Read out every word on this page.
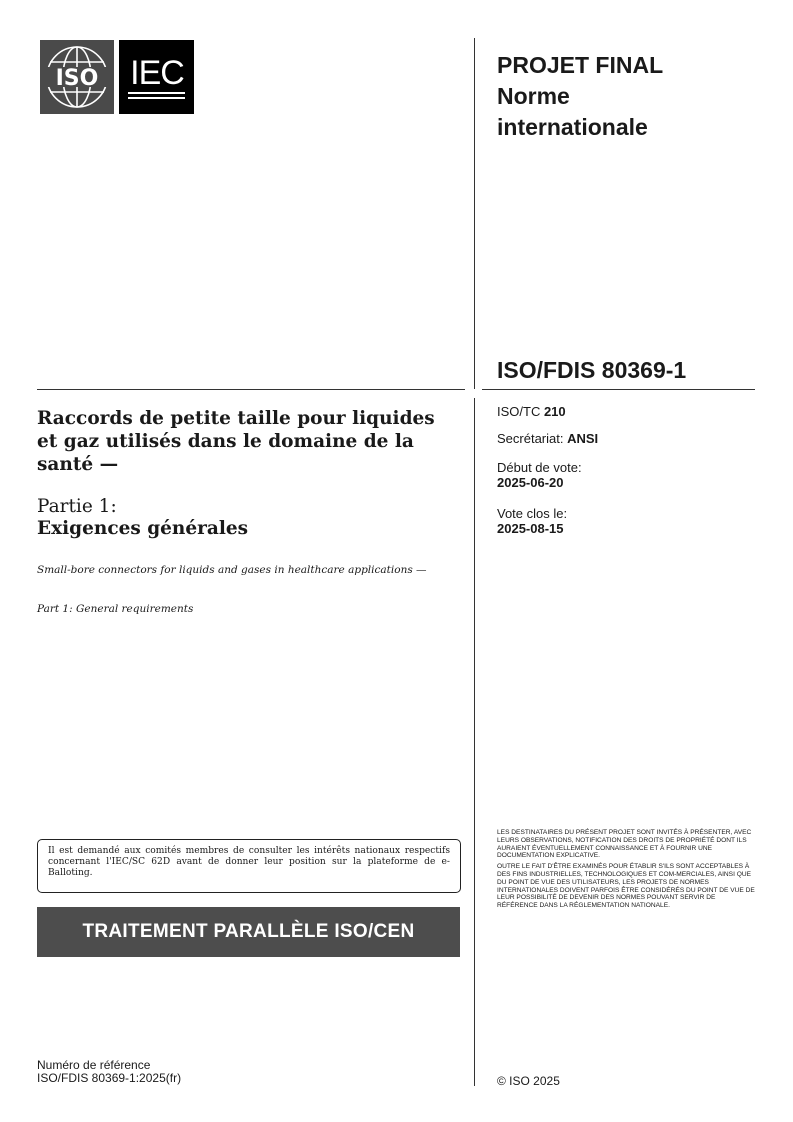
ISO IEC	PROJET FINAL
Norme
internationale
ISO/FDIS 80369-1
ISO/TC 210
Secrétariat: ANSI
Début de vote:
2025-06-20
Vote clos le:
2025-08-15
Raccords de petite taille pour liquides et gaz utilisés dans le domaine de la santé —
Partie 1:
Exigences générales
Small-bore connectors for liquids and gases in healthcare applications —
Part 1: General requirements
Il est demandé aux comités membres de consulter les intérêts nationaux respectifs concernant l'IEC/SC 62D avant de donner leur position sur la plateforme de e-Balloting.
TRAITEMENT PARALLÈLE ISO/CEN

LES DESTINATAIRES DU PRÉSENT PROJET SONT INVITÉS À PRÉSENTER, AVEC LEURS OBSERVATIONS, NOTIFICATION DES DROITS DE PROPRIÉTÉ DONT ILS AURAIENT ÉVENTUELLEMENT CONNAISSANCE ET À FOURNIR UNE DOCUMENTATION EXPLICATIVE.

OUTRE LE FAIT D'ÊTRE EXAMINÉS POUR ÉTABLIR S'ILS SONT ACCEPTABLES À DES FINS INDUSTRIELLES, TECHNOLOGIQUES ET COM-MERCIALES, AINSI QUE DU POINT DE VUE DES UTILISATEURS, LES PROJETS DE NORMES INTERNATIONALES DOIVENT PARFOIS ÊTRE CONSIDÉRÉS DU POINT DE VUE DE LEUR POSSIBILITÉ DE DEVENIR DES NORMES POUVANT SERVIR DE RÉFÉRENCE DANS LA RÉGLEMENTATION NATIONALE.

Numéro de référence
ISO/FDIS 80369-1:2025(fr)	© ISO 2025
